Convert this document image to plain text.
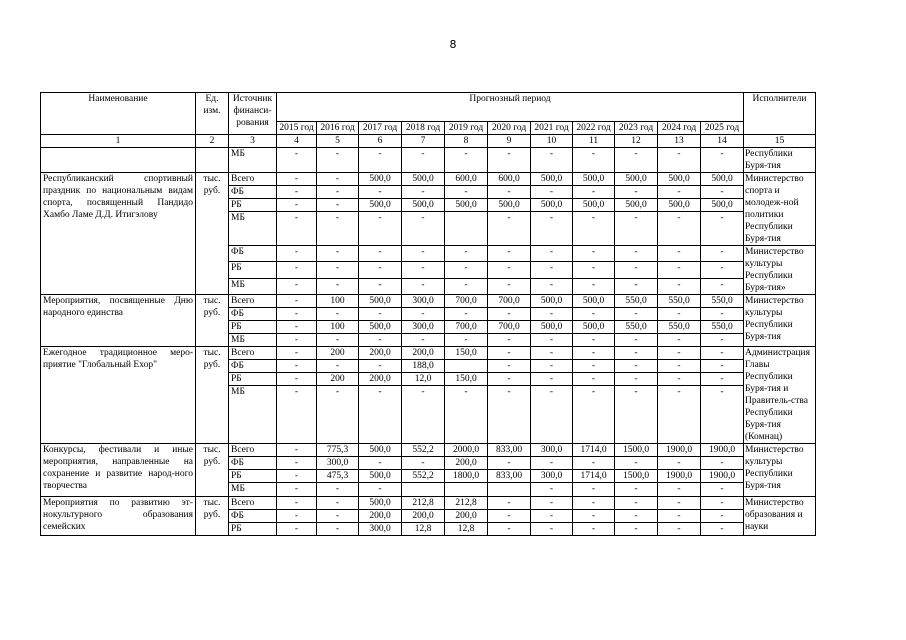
8
Наименование	Ед. изм.	Источник финанси-рования	Прогнозный период											Исполнители
			2015 год	2016 год	2017 год	2018 год	2019 год	2020 год	2021 год	2022 год	2023 год	2024 год	2025 год	
1	2	3	4	5	6	7	8	9	10	11	12	13	14	15
		МБ	-	-	-	-	-	-	-	-	-	-	-	Республики Буря-тия
Республиканский спортивный праздник по национальным видам спорта, посвященный Пандидо Хамбо Ламе Д.Д. Итигэлову	тыс. руб.	Всего	-	-	500,0	500,0	600,0	600,0	500,0	500,0	500,0	500,0	500,0	Министерство спорта и молодеж-ной политики Республики Буря-тия
		ФБ	-	-	-	-	-	-	-	-	-	-	-	
		РБ	-	-	500,0	500,0	500,0	500,0	500,0	500,0	500,0	500,0	500,0	
		МБ	-	-	-	-		-	-	-	-	-	-	
		ФБ	-	-	-	-	-	-	-	-	-	-	-	Министерство культуры Республики Буря-тия»
		РБ	-	-	-	-	-	-	-	-	-	-	-	
		МБ	-	-	-	-	-	-	-	-	-	-	-	
Мероприятия, посвященные Дню народного единства	тыс. руб.	Всего	-	100	500,0	300,0	700,0	700,0	500,0	500,0	550,0	550,0	550,0	Министерство культуры Республики Буря-тия
		ФБ	-	-	-	-	-	-	-	-	-	-	-	
		РБ	-	100	500,0	300,0	700,0	700,0	500,0	500,0	550,0	550,0	550,0	
		МБ	-	-	-	-	-	-	-	-	-	-	-	
Ежегодное традиционное меро-приятие "Глобальный Ехор"	тыс. руб.	Всего	-	200	200,0	200,0	150,0	-	-	-	-	-	-	Администрация Главы Республики Буря-тия и Правитель-ства Республики Буря-тия (Комнац)
		ФБ	-	-	-	188,0		-	-	-	-	-	-	
		РБ	-	200	200,0	12,0	150,0	-	-	-	-	-	-	
		МБ	-	-	-	-	-	-	-	-	-	-	-	
Конкурсы, фестивали и иные мероприятия, направленные на сохранение и развитие народ-ного творчества	тыс. руб.	Всего	-	775,3	500,0	552,2	2000,0	833,00	300,0	1714,0	1500,0	1900,0	1900,0	Министерство культуры Республики Буря-тия
		ФБ	-	300,0	-	-	200,0	-	-	-	-	-	-	
		РБ	-	475,3	500,0	552,2	1800,0	833,00	300,0	1714,0	1500,0	1900,0	1900,0	
		МБ	-	-	-				-	-	-	-	-	
Мероприятия по развитию эт-нокультурного образования семейских	тыс. руб.	Всего	-	-	500,0	212,8	212,8	-	-	-	-	-	-	Министерство образования и науки
		ФБ	-	-	200,0	200,0	200,0	-	-	-	-	-	-	
		РБ	-	-	300,0	12,8	12,8	-	-	-	-	-	-	
